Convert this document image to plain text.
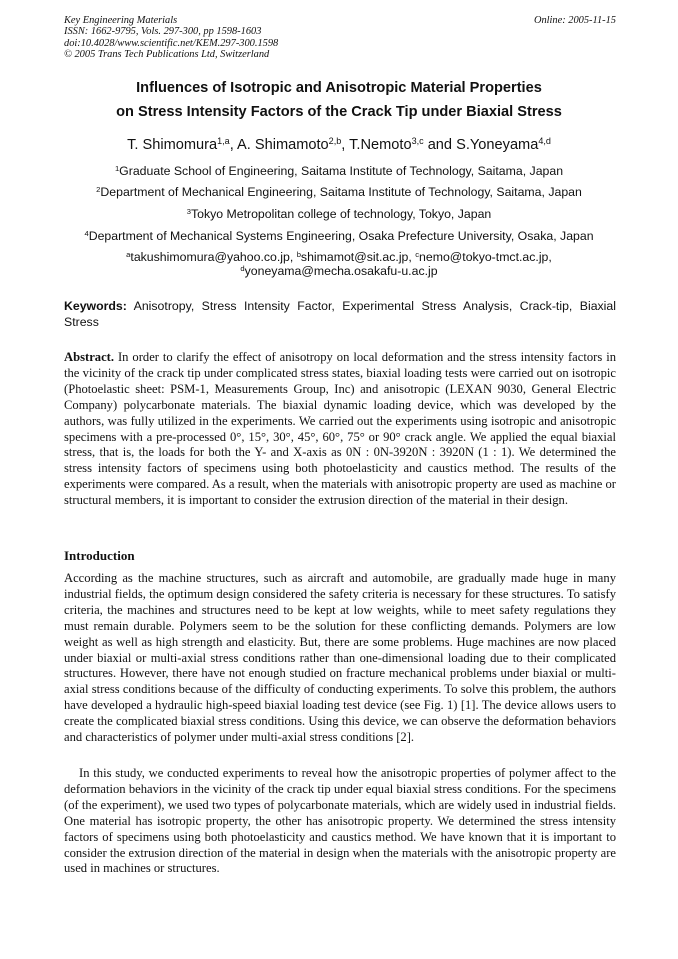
Key Engineering Materials
ISSN: 1662-9795, Vols. 297-300, pp 1598-1603
doi:10.4028/www.scientific.net/KEM.297-300.1598
© 2005 Trans Tech Publications Ltd, Switzerland
Online: 2005-11-15
Influences of Isotropic and Anisotropic Material Properties
on Stress Intensity Factors of the Crack Tip under Biaxial Stress
T. Shimomura$^{1,a}$, A. Shimamoto$^{2,b}$, T.Nemoto$^{3,c}$ and S.Yoneyama$^{4,d}$
$^1$Graduate School of Engineering, Saitama Institute of Technology, Saitama, Japan
$^2$Department of Mechanical Engineering, Saitama Institute of Technology, Saitama, Japan
$^3$Tokyo Metropolitan college of technology, Tokyo, Japan
$^4$Department of Mechanical Systems Engineering, Osaka Prefecture University, Osaka, Japan
$^a$takushimomura@yahoo.co.jp, $^b$shimamot@sit.ac.jp, $^c$nemo@tokyo-tmct.ac.jp,
$^d$yoneyama@mecha.osakafu-u.ac.jp
Keywords: Anisotropy, Stress Intensity Factor, Experimental Stress Analysis, Crack-tip, Biaxial Stress
Abstract. In order to clarify the effect of anisotropy on local deformation and the stress intensity factors in the vicinity of the crack tip under complicated stress states, biaxial loading tests were carried out on isotropic (Photoelastic sheet: PSM-1, Measurements Group, Inc) and anisotropic (LEXAN 9030, General Electric Company) polycarbonate materials. The biaxial dynamic loading device, which was developed by the authors, was fully utilized in the experiments. We carried out the experiments using isotropic and anisotropic specimens with a pre-processed 0°, 15°, 30°, 45°, 60°, 75° or 90° crack angle. We applied the equal biaxial stress, that is, the loads for both the Y- and X-axis as 0N : 0N-3920N : 3920N (1 : 1). We determined the stress intensity factors of specimens using both photoelasticity and caustics method. The results of the experiments were compared. As a result, when the materials with anisotropic property are used as machine or structural members, it is important to consider the extrusion direction of the material in their design.
Introduction
According as the machine structures, such as aircraft and automobile, are gradually made huge in many industrial fields, the optimum design considered the safety criteria is necessary for these structures. To satisfy criteria, the machines and structures need to be kept at low weights, while to meet safety regulations they must remain durable. Polymers seem to be the solution for these conflicting demands. Polymers are low weight as well as high strength and elasticity. But, there are some problems. Huge machines are now placed under biaxial or multi-axial stress conditions rather than one-dimensional loading due to their complicated structures. However, there have not enough studied on fracture mechanical problems under biaxial or multi-axial stress conditions because of the difficulty of conducting experiments. To solve this problem, the authors have developed a hydraulic high-speed biaxial loading test device (see Fig. 1) [1]. The device allows users to create the complicated biaxial stress conditions. Using this device, we can observe the deformation behaviors and characteristics of polymer under multi-axial stress conditions [2].
In this study, we conducted experiments to reveal how the anisotropic properties of polymer affect to the deformation behaviors in the vicinity of the crack tip under equal biaxial stress conditions. For the specimens (of the experiment), we used two types of polycarbonate materials, which are widely used in industrial fields. One material has isotropic property, the other has anisotropic property. We determined the stress intensity factors of specimens using both photoelasticity and caustics method. We have known that it is important to consider the extrusion direction of the material in design when the materials with the anisotropic property are used in machines or structures.
